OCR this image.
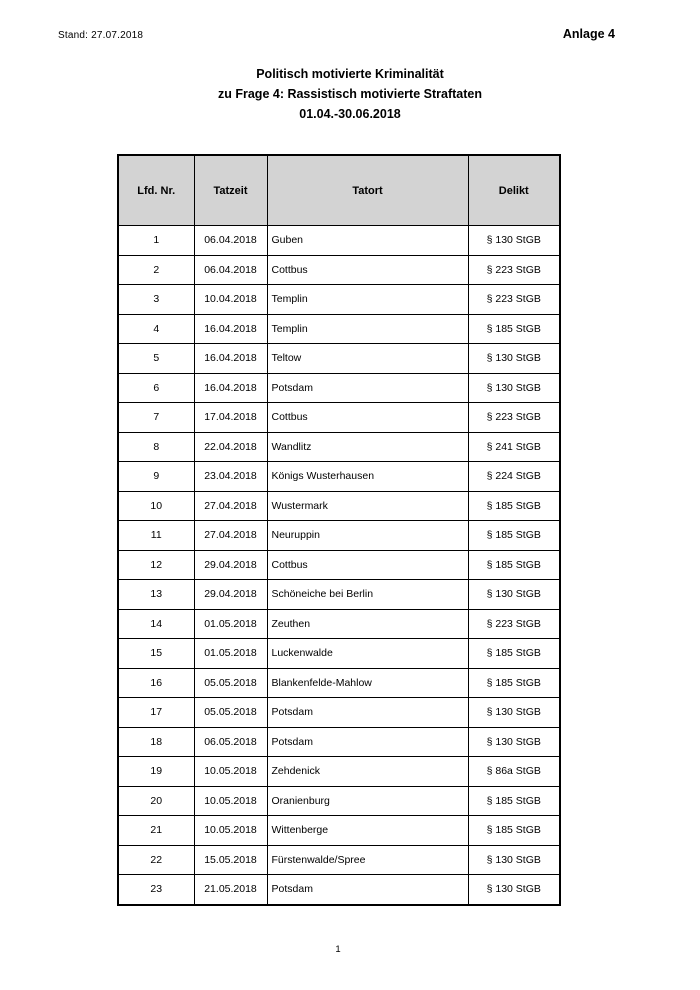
Stand: 27.07.2018	Anlage 4
Politisch motivierte Kriminalität
zu Frage 4: Rassistisch motivierte Straftaten
01.04.-30.06.2018
Lfd. Nr.	Tatzeit	Tatort	Delikt
1	06.04.2018	Guben	§ 130 StGB
2	06.04.2018	Cottbus	§ 223 StGB
3	10.04.2018	Templin	§ 223 StGB
4	16.04.2018	Templin	§ 185 StGB
5	16.04.2018	Teltow	§ 130 StGB
6	16.04.2018	Potsdam	§ 130 StGB
7	17.04.2018	Cottbus	§ 223 StGB
8	22.04.2018	Wandlitz	§ 241 StGB
9	23.04.2018	Königs Wusterhausen	§ 224 StGB
10	27.04.2018	Wustermark	§ 185 StGB
11	27.04.2018	Neuruppin	§ 185 StGB
12	29.04.2018	Cottbus	§ 185 StGB
13	29.04.2018	Schöneiche bei Berlin	§ 130 StGB
14	01.05.2018	Zeuthen	§ 223 StGB
15	01.05.2018	Luckenwalde	§ 185 StGB
16	05.05.2018	Blankenfelde-Mahlow	§ 185 StGB
17	05.05.2018	Potsdam	§ 130 StGB
18	06.05.2018	Potsdam	§ 130 StGB
19	10.05.2018	Zehdenick	§ 86a StGB
20	10.05.2018	Oranienburg	§ 185 StGB
21	10.05.2018	Wittenberge	§ 185 StGB
22	15.05.2018	Fürstenwalde/Spree	§ 130 StGB
23	21.05.2018	Potsdam	§ 130 StGB
1
